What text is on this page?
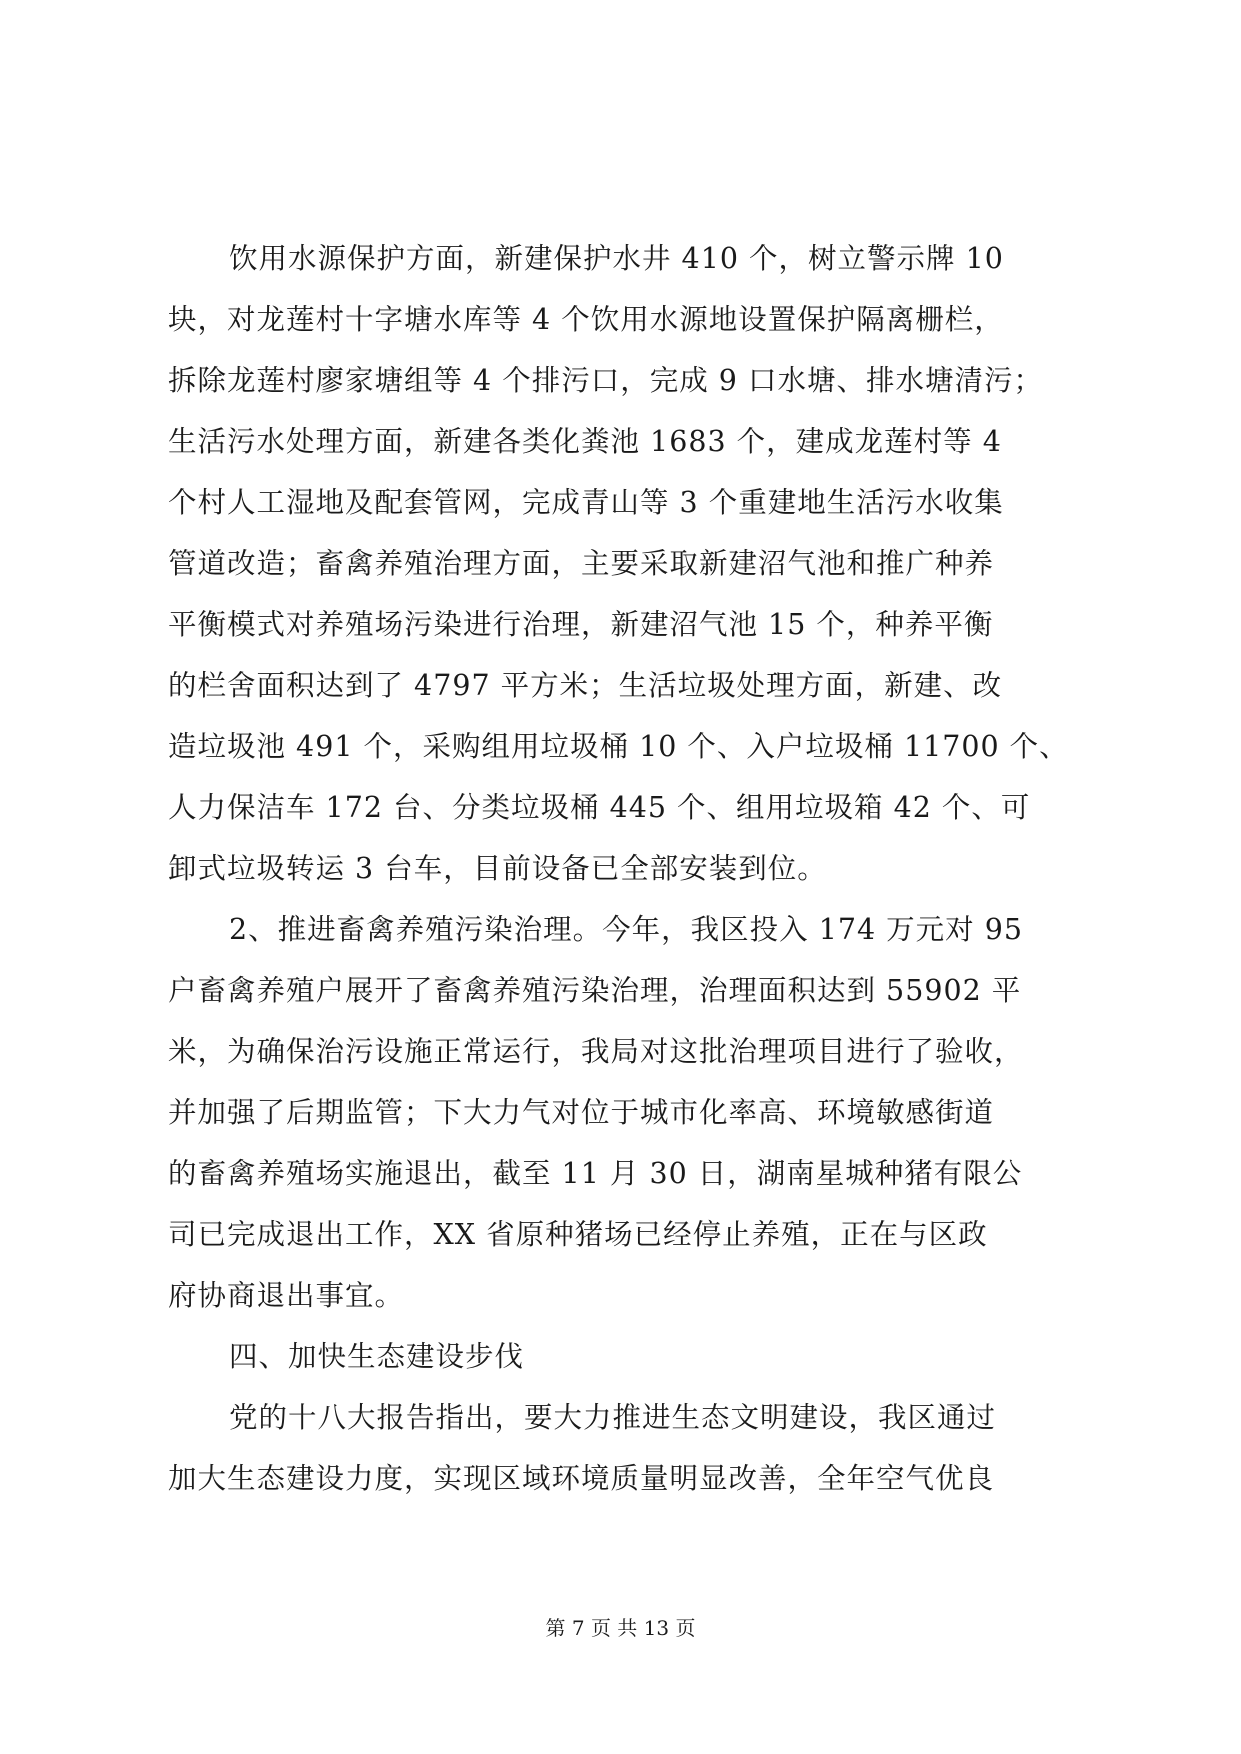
饮用水源保护方面，新建保护水井 410 个，树立警示牌 10
块，对龙莲村十字塘水库等 4 个饮用水源地设置保护隔离栅栏，
拆除龙莲村廖家塘组等 4 个排污口，完成 9 口水塘、排水塘清污；
生活污水处理方面，新建各类化粪池 1683 个，建成龙莲村等 4
个村人工湿地及配套管网，完成青山等 3 个重建地生活污水收集
管道改造；畜禽养殖治理方面，主要采取新建沼气池和推广种养
平衡模式对养殖场污染进行治理，新建沼气池 15 个，种养平衡
的栏舍面积达到了 4797 平方米；生活垃圾处理方面，新建、改
造垃圾池 491 个，采购组用垃圾桶 10 个、入户垃圾桶 11700 个、
人力保洁车 172 台、分类垃圾桶 445 个、组用垃圾箱 42 个、可
卸式垃圾转运 3 台车，目前设备已全部安装到位。
2、推进畜禽养殖污染治理。今年，我区投入 174 万元对 95
户畜禽养殖户展开了畜禽养殖污染治理，治理面积达到 55902 平
米，为确保治污设施正常运行，我局对这批治理项目进行了验收，
并加强了后期监管；下大力气对位于城市化率高、环境敏感街道
的畜禽养殖场实施退出，截至 11 月 30 日，湖南星城种猪有限公
司已完成退出工作，XX 省原种猪场已经停止养殖，正在与区政
府协商退出事宜。
四、加快生态建设步伐
党的十八大报告指出，要大力推进生态文明建设，我区通过
加大生态建设力度，实现区域环境质量明显改善，全年空气优良
第 7 页 共 13 页
